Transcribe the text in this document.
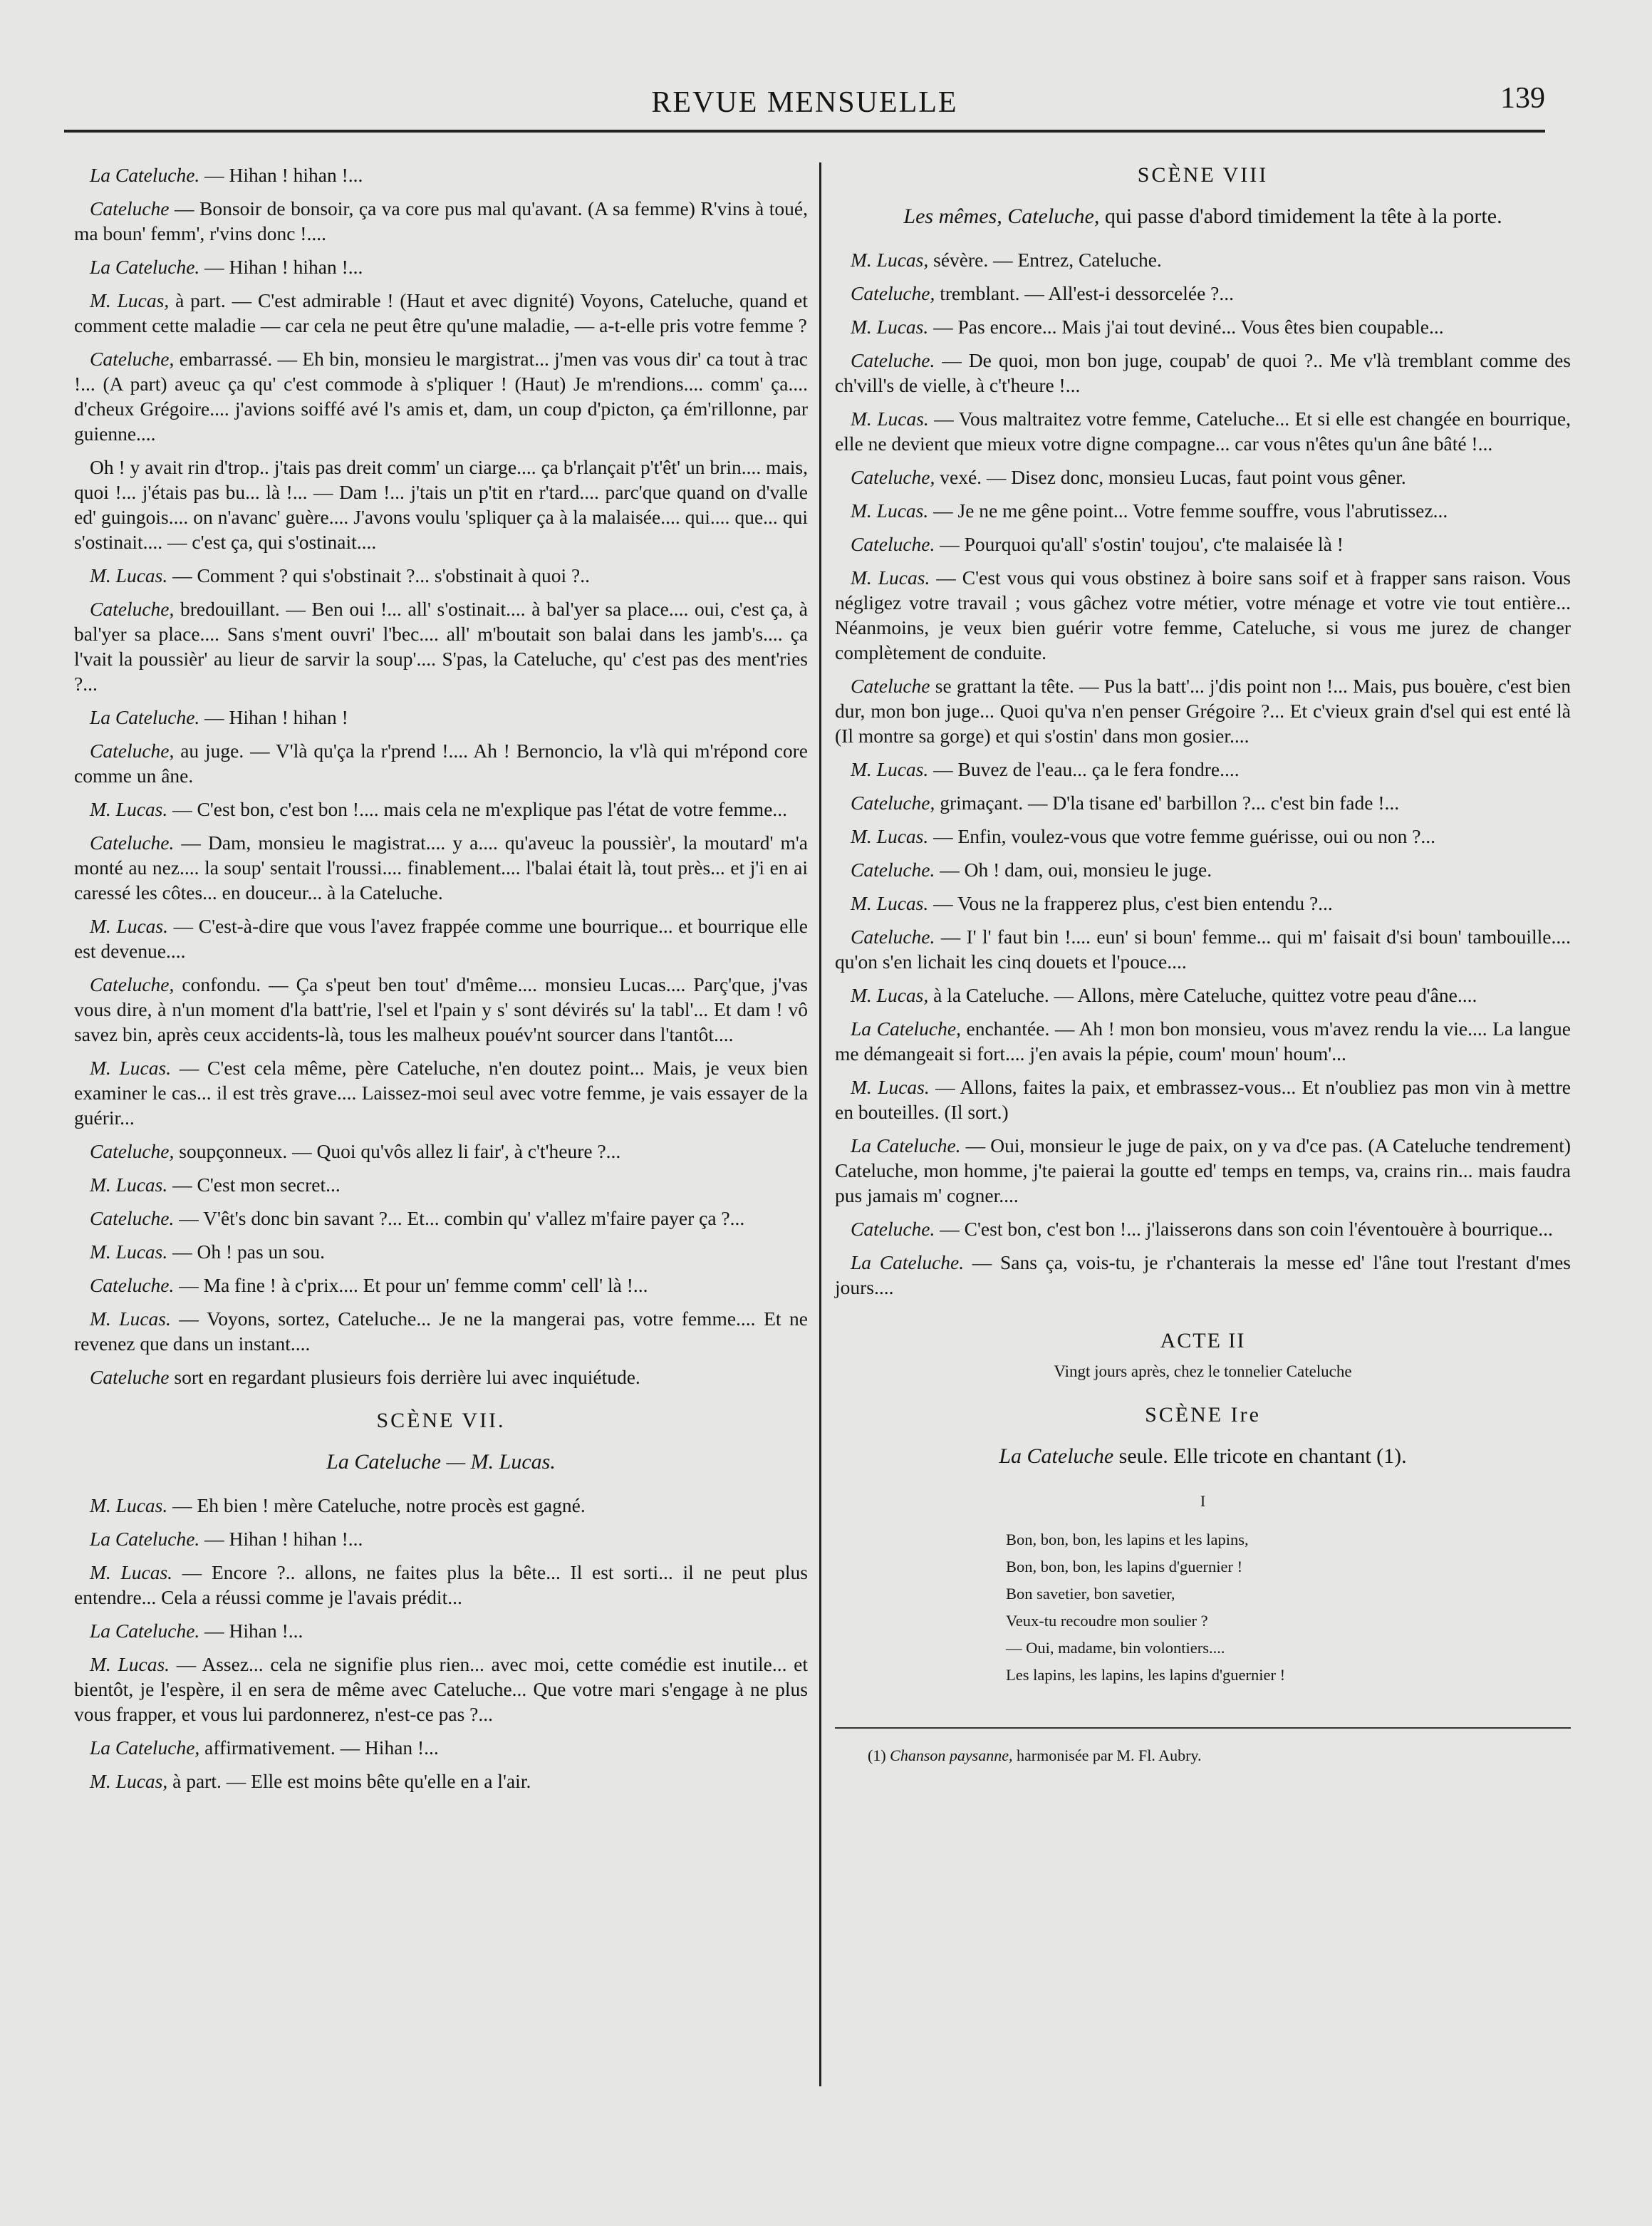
REVUE MENSUELLE	139

La Cateluche. — Hihan ! hihan !...

Cateluche — Bonsoir de bonsoir, ça va core pus mal qu'avant. (A sa femme) R'vins à toué, ma boun' femm', r'vins donc !....

La Cateluche. — Hihan ! hihan !...

M. Lucas, à part. — C'est admirable ! (Haut et avec dignité) Voyons, Cateluche, quand et comment cette maladie — car cela ne peut être qu'une maladie, — a-t-elle pris votre femme ?

Cateluche, embarrassé. — Eh bin, monsieu le margistrat... j'men vas vous dir' ca tout à trac !... (A part) aveuc ça qu' c'est commode à s'pliquer ! (Haut) Je m'rendions.... comm' ça.... d'cheux Grégoire.... j'avions soiffé avé l's amis et, dam, un coup d'picton, ça ém'rillonne, par guienne....

Oh ! y avait rin d'trop.. j'tais pas dreit comm' un ciarge.... ça b'rlançait p't'êt' un brin.... mais, quoi !... j'étais pas bu... là !... — Dam !... j'tais un p'tit en r'tard.... parc'que quand on d'valle ed' guingois.... on n'avanc' guère.... J'avons voulu 'spliquer ça à la malaisée.... qui.... que... qui s'ostinait.... — c'est ça, qui s'ostinait....

M. Lucas. — Comment ? qui s'obstinait ?... s'obstinait à quoi ?..

Cateluche, bredouillant. — Ben oui !... all' s'ostinait.... à bal'yer sa place.... oui, c'est ça, à bal'yer sa place.... Sans s'ment ouvri' l'bec.... all' m'boutait son balai dans les jamb's.... ça l'vait la poussièr' au lieur de sarvir la soup'.... S'pas, la Cateluche, qu' c'est pas des ment'ries ?...

La Cateluche. — Hihan ! hihan !

Cateluche, au juge. — V'là qu'ça la r'prend !.... Ah ! Bernoncio, la v'là qui m'répond core comme un âne.

M. Lucas. — C'est bon, c'est bon !.... mais cela ne m'explique pas l'état de votre femme...

Cateluche. — Dam, monsieu le magistrat.... y a.... qu'aveuc la poussièr', la moutard' m'a monté au nez.... la soup' sentait l'roussi.... finablement.... l'balai était là, tout près... et j'i en ai caressé les côtes... en douceur... à la Cateluche.

M. Lucas. — C'est-à-dire que vous l'avez frappée comme une bourrique... et bourrique elle est devenue....

Cateluche, confondu. — Ça s'peut ben tout' d'même.... monsieu Lucas.... Parç'que, j'vas vous dire, à n'un moment d'la batt'rie, l'sel et l'pain y s' sont dévirés su' la tabl'... Et dam ! vô savez bin, après ceux accidents-là, tous les malheux pouév'nt sourcer dans l'tantôt....

M. Lucas. — C'est cela même, père Cateluche, n'en doutez point... Mais, je veux bien examiner le cas... il est très grave.... Laissez-moi seul avec votre femme, je vais essayer de la guérir...

Cateluche, soupçonneux. — Quoi qu'vôs allez li fair', à c't'heure ?...

M. Lucas. — C'est mon secret...

Cateluche. — V'êt's donc bin savant ?... Et... combin qu' v'allez m'faire payer ça ?...

M. Lucas. — Oh ! pas un sou.

Cateluche. — Ma fine ! à c'prix.... Et pour un' femme comm' cell' là !...

M. Lucas. — Voyons, sortez, Cateluche... Je ne la mangerai pas, votre femme.... Et ne revenez que dans un instant....

Cateluche sort en regardant plusieurs fois derrière lui avec inquiétude.

SCÈNE VII.
La Cateluche — M. Lucas.

M. Lucas. — Eh bien ! mère Cateluche, notre procès est gagné.

La Cateluche. — Hihan ! hihan !...

M. Lucas. — Encore ?.. allons, ne faites plus la bête... Il est sorti... il ne peut plus entendre... Cela a réussi comme je l'avais prédit...

La Cateluche. — Hihan !...

M. Lucas. — Assez... cela ne signifie plus rien... avec moi, cette comédie est inutile... et bientôt, je l'espère, il en sera de même avec Cateluche... Que votre mari s'engage à ne plus vous frapper, et vous lui pardonnerez, n'est-ce pas ?...

La Cateluche, affirmativement. — Hihan !...

M. Lucas, à part. — Elle est moins bête qu'elle en a l'air.

SCÈNE VIII
Les mêmes, Cateluche, qui passe d'abord timidement la tête à la porte.

M. Lucas, sévère. — Entrez, Cateluche.

Cateluche, tremblant. — All'est-i dessorcelée ?...

M. Lucas. — Pas encore... Mais j'ai tout deviné... Vous êtes bien coupable...

Cateluche. — De quoi, mon bon juge, coupab' de quoi ?.. Me v'là tremblant comme des ch'vill's de vielle, à c't'heure !...

M. Lucas. — Vous maltraitez votre femme, Cateluche... Et si elle est changée en bourrique, elle ne devient que mieux votre digne compagne... car vous n'êtes qu'un âne bâté !...

Cateluche, vexé. — Disez donc, monsieu Lucas, faut point vous gêner.

M. Lucas. — Je ne me gêne point... Votre femme souffre, vous l'abrutissez...

Cateluche. — Pourquoi qu'all' s'ostin' toujou', c'te malaisée là !

M. Lucas. — C'est vous qui vous obstinez à boire sans soif et à frapper sans raison. Vous négligez votre travail ; vous gâchez votre métier, votre ménage et votre vie tout entière... Néanmoins, je veux bien guérir votre femme, Cateluche, si vous me jurez de changer complètement de conduite.

Cateluche se grattant la tête. — Pus la batt'... j'dis point non !... Mais, pus bouère, c'est bien dur, mon bon juge... Quoi qu'va n'en penser Grégoire ?... Et c'vieux grain d'sel qui est enté là (Il montre sa gorge) et qui s'ostin' dans mon gosier....

M. Lucas. — Buvez de l'eau... ça le fera fondre....

Cateluche, grimaçant. — D'la tisane ed' barbillon ?... c'est bin fade !...

M. Lucas. — Enfin, voulez-vous que votre femme guérisse, oui ou non ?...

Cateluche. — Oh ! dam, oui, monsieu le juge.

M. Lucas. — Vous ne la frapperez plus, c'est bien entendu ?...

Cateluche. — I' l' faut bin !.... eun' si boun' femme... qui m' faisait d'si boun' tambouille.... qu'on s'en lichait les cinq douets et l'pouce....

M. Lucas, à la Cateluche. — Allons, mère Cateluche, quittez votre peau d'âne....

La Cateluche, enchantée. — Ah ! mon bon monsieu, vous m'avez rendu la vie.... La langue me démangeait si fort.... j'en avais la pépie, coum' moun' houm'...

M. Lucas. — Allons, faites la paix, et embrassez-vous... Et n'oubliez pas mon vin à mettre en bouteilles. (Il sort.)

La Cateluche. — Oui, monsieur le juge de paix, on y va d'ce pas. (A Cateluche tendrement) Cateluche, mon homme, j'te paierai la goutte ed' temps en temps, va, crains rin... mais faudra pus jamais m' cogner....

Cateluche. — C'est bon, c'est bon !... j'laisserons dans son coin l'éventouère à bourrique...

La Cateluche. — Sans ça, vois-tu, je r'chanterais la messe ed' l'âne tout l'restant d'mes jours....

ACTE II
Vingt jours après, chez le tonnelier Cateluche
SCÈNE Ire
La Cateluche seule. Elle tricote en chantant (1).
I
Bon, bon, bon, les lapins et les lapins,
Bon, bon, bon, les lapins d'guernier !
Bon savetier, bon savetier,
Veux-tu recoudre mon soulier ?
— Oui, madame, bin volontiers....
Les lapins, les lapins, les lapins d'guernier !
(1) Chanson paysanne, harmonisée par M. Fl. Aubry.
